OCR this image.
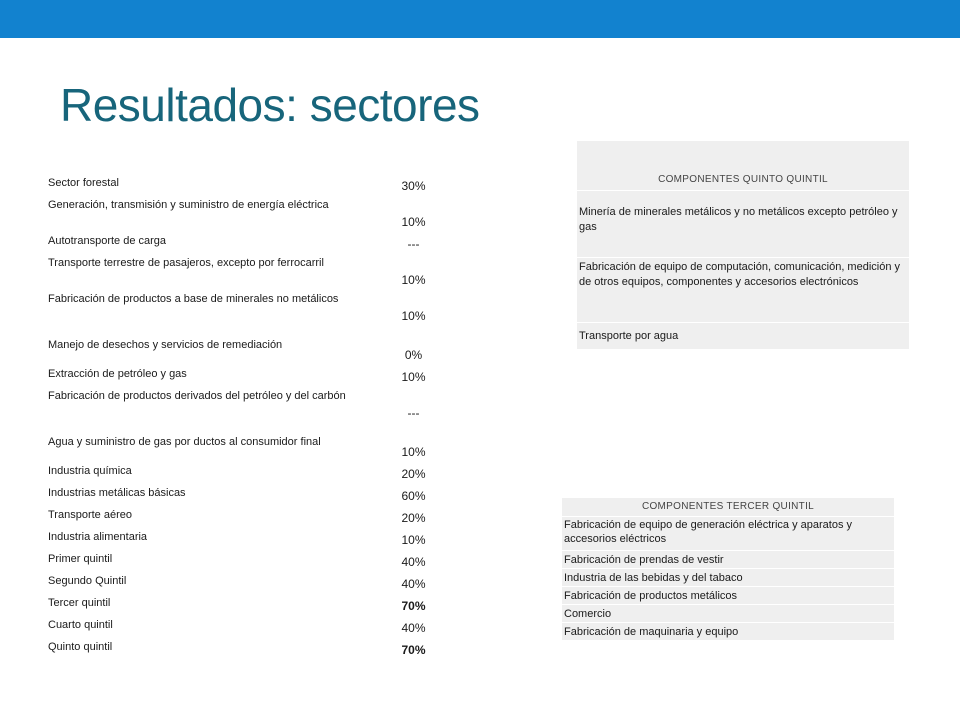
Resultados: sectores
Sector forestal	30%
Generación, transmisión y suministro de energía eléctrica	10%
Autotransporte de carga	---
Transporte terrestre de pasajeros, excepto por ferrocarril	10%
Fabricación de productos a base de minerales no metálicos	10%
Manejo de desechos y servicios de remediación	0%
Extracción de petróleo y gas	10%
Fabricación de productos derivados del petróleo y del carbón	---
Agua y suministro de gas por ductos al consumidor final	10%
Industria química	20%
Industrias metálicas básicas	60%
Transporte aéreo	20%
Industria alimentaria	10%
Primer quintil	40%
Segundo Quintil	40%
Tercer quintil	70%
Cuarto quintil	40%
Quinto quintil	70%
COMPONENTES QUINTO QUINTIL
Minería de minerales metálicos y no metálicos excepto petróleo y gas
Fabricación de equipo de computación, comunicación, medición y de otros equipos, componentes y accesorios electrónicos
Transporte por agua
COMPONENTES TERCER QUINTIL
Fabricación de equipo de generación eléctrica y aparatos y accesorios eléctricos
Fabricación de prendas de vestir
Industria de las bebidas y del tabaco
Fabricación de productos metálicos
Comercio
Fabricación de maquinaria y equipo
